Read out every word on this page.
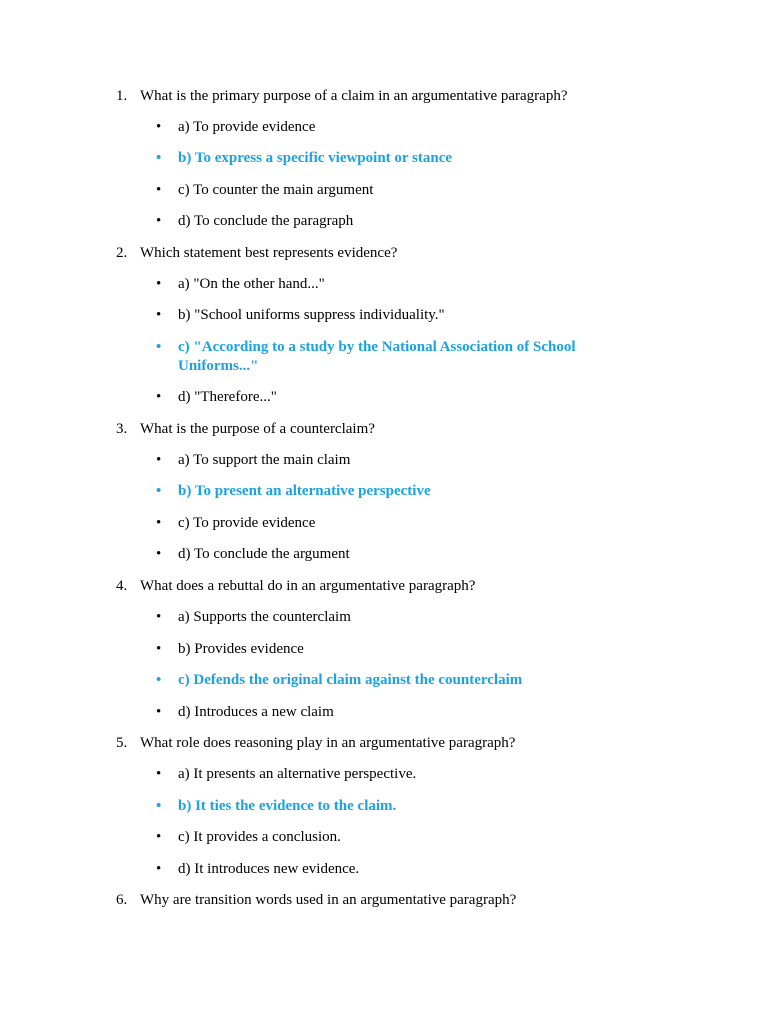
1. What is the primary purpose of a claim in an argumentative paragraph?
• a) To provide evidence
• b) To express a specific viewpoint or stance
• c) To counter the main argument
• d) To conclude the paragraph
2. Which statement best represents evidence?
• a) "On the other hand..."
• b) "School uniforms suppress individuality."
• c) "According to a study by the National Association of School Uniforms..."
• d) "Therefore..."
3. What is the purpose of a counterclaim?
• a) To support the main claim
• b) To present an alternative perspective
• c) To provide evidence
• d) To conclude the argument
4. What does a rebuttal do in an argumentative paragraph?
• a) Supports the counterclaim
• b) Provides evidence
• c) Defends the original claim against the counterclaim
• d) Introduces a new claim
5. What role does reasoning play in an argumentative paragraph?
• a) It presents an alternative perspective.
• b) It ties the evidence to the claim.
• c) It provides a conclusion.
• d) It introduces new evidence.
6. Why are transition words used in an argumentative paragraph?
